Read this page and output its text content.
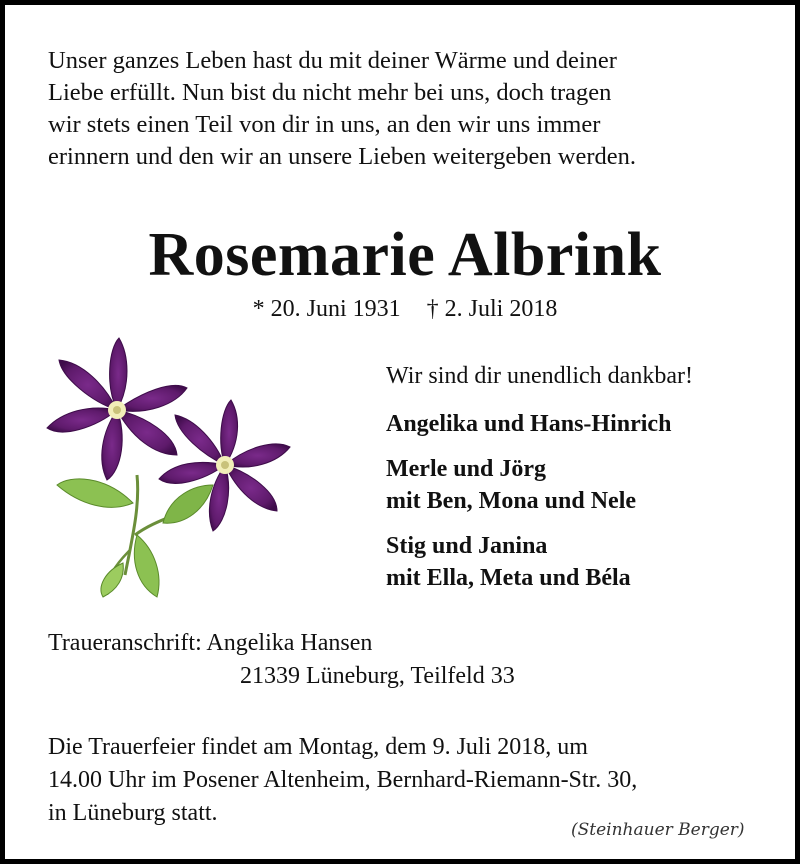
Unser ganzes Leben hast du mit deiner Wärme und deiner
Liebe erfüllt. Nun bist du nicht mehr bei uns, doch tragen
wir stets einen Teil von dir in uns, an den wir uns immer
erinnern und den wir an unsere Lieben weitergeben werden.

Rosemarie Albrink

* 20. Juni 1931 † 2. Juli 2018

Wir sind dir unendlich dankbar!

Angelika und Hans-Hinrich
Merle und Jörg
mit Ben, Mona und Nele
Stig und Janina
mit Ella, Meta und Béla

Traueranschrift: Angelika Hansen
21339 Lüneburg, Teilfeld 33

Die Trauerfeier findet am Montag, dem 9. Juli 2018, um
14.00 Uhr im Posener Altenheim, Bernhard-Riemann-Str. 30,
in Lüneburg statt.

(Steinhauer Berger)
